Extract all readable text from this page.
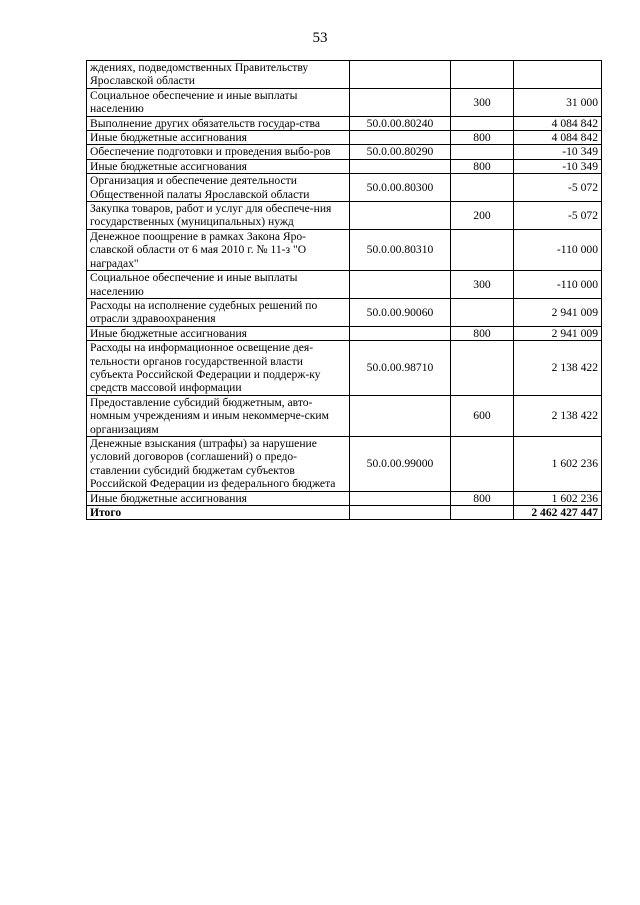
53
ждениях, подведомственных Правительству Ярославской области			
Социальное обеспечение и иные выплаты населению		300	31 000
Выполнение других обязательств государ-ства	50.0.00.80240		4 084 842
Иные бюджетные ассигнования		800	4 084 842
Обеспечение подготовки и проведения выбо-ров	50.0.00.80290		-10 349
Иные бюджетные ассигнования		800	-10 349
Организация и обеспечение деятельности Общественной палаты Ярославской области	50.0.00.80300		-5 072
Закупка товаров, работ и услуг для обеспече-ния государственных (муниципальных) нужд		200	-5 072
Денежное поощрение в рамках Закона Яро-славской области от 6 мая 2010 г. № 11-з "О наградах"	50.0.00.80310		-110 000
Социальное обеспечение и иные выплаты населению		300	-110 000
Расходы на исполнение судебных решений по отрасли здравоохранения	50.0.00.90060		2 941 009
Иные бюджетные ассигнования		800	2 941 009
Расходы на информационное освещение дея-тельности органов государственной власти субъекта Российской Федерации и поддерж-ку средств массовой информации	50.0.00.98710		2 138 422
Предоставление субсидий бюджетным, авто-номным учреждениям и иным некоммерче-ским организациям		600	2 138 422
Денежные взыскания (штрафы) за нарушение условий договоров (соглашений) о предо-ставлении субсидий бюджетам субъектов Российской Федерации из федерального бюджета	50.0.00.99000		1 602 236
Иные бюджетные ассигнования		800	1 602 236
Итого			2 462 427 447
